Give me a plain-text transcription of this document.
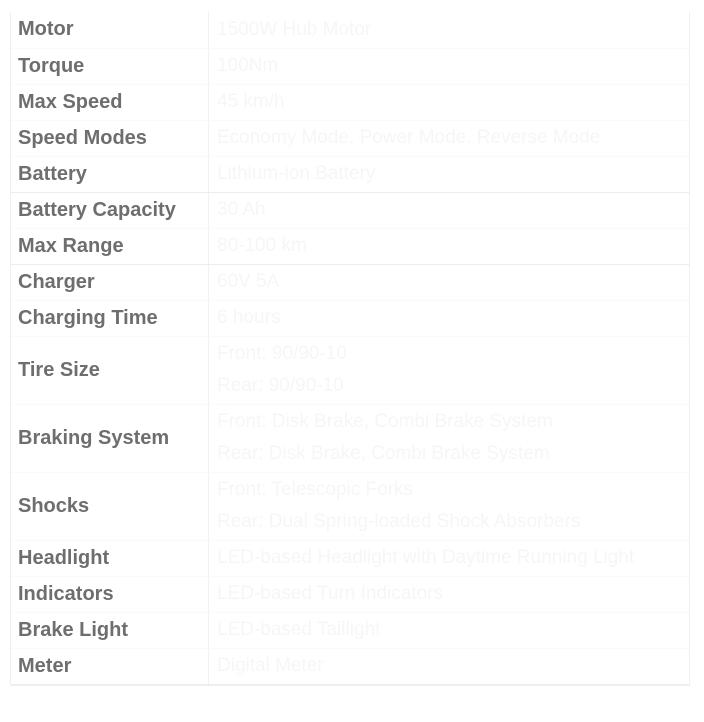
Motor	1500W Hub Motor

Torque	100Nm

Max Speed	45 km/h

Speed Modes	Economy Mode, Power Mode, Reverse Mode

Battery	Lithium-ion Battery

Battery Capacity	30 Ah

Max Range	80-100 km

Charger	60V 5A

Charging Time	6 hours

Tire Size	Front: 90/90-10
Rear: 90/90-10

Braking System	Front: Disk Brake, Combi Brake System
Rear: Disk Brake, Combi Brake System

Shocks	Front: Telescopic Forks
Rear: Dual Spring-loaded Shock Absorbers

Headlight	LED-based Headlight with Daytime Running Light

Indicators	LED-based Turn Indicators

Brake Light	LED-based Taillight

Meter	Digital Meter
